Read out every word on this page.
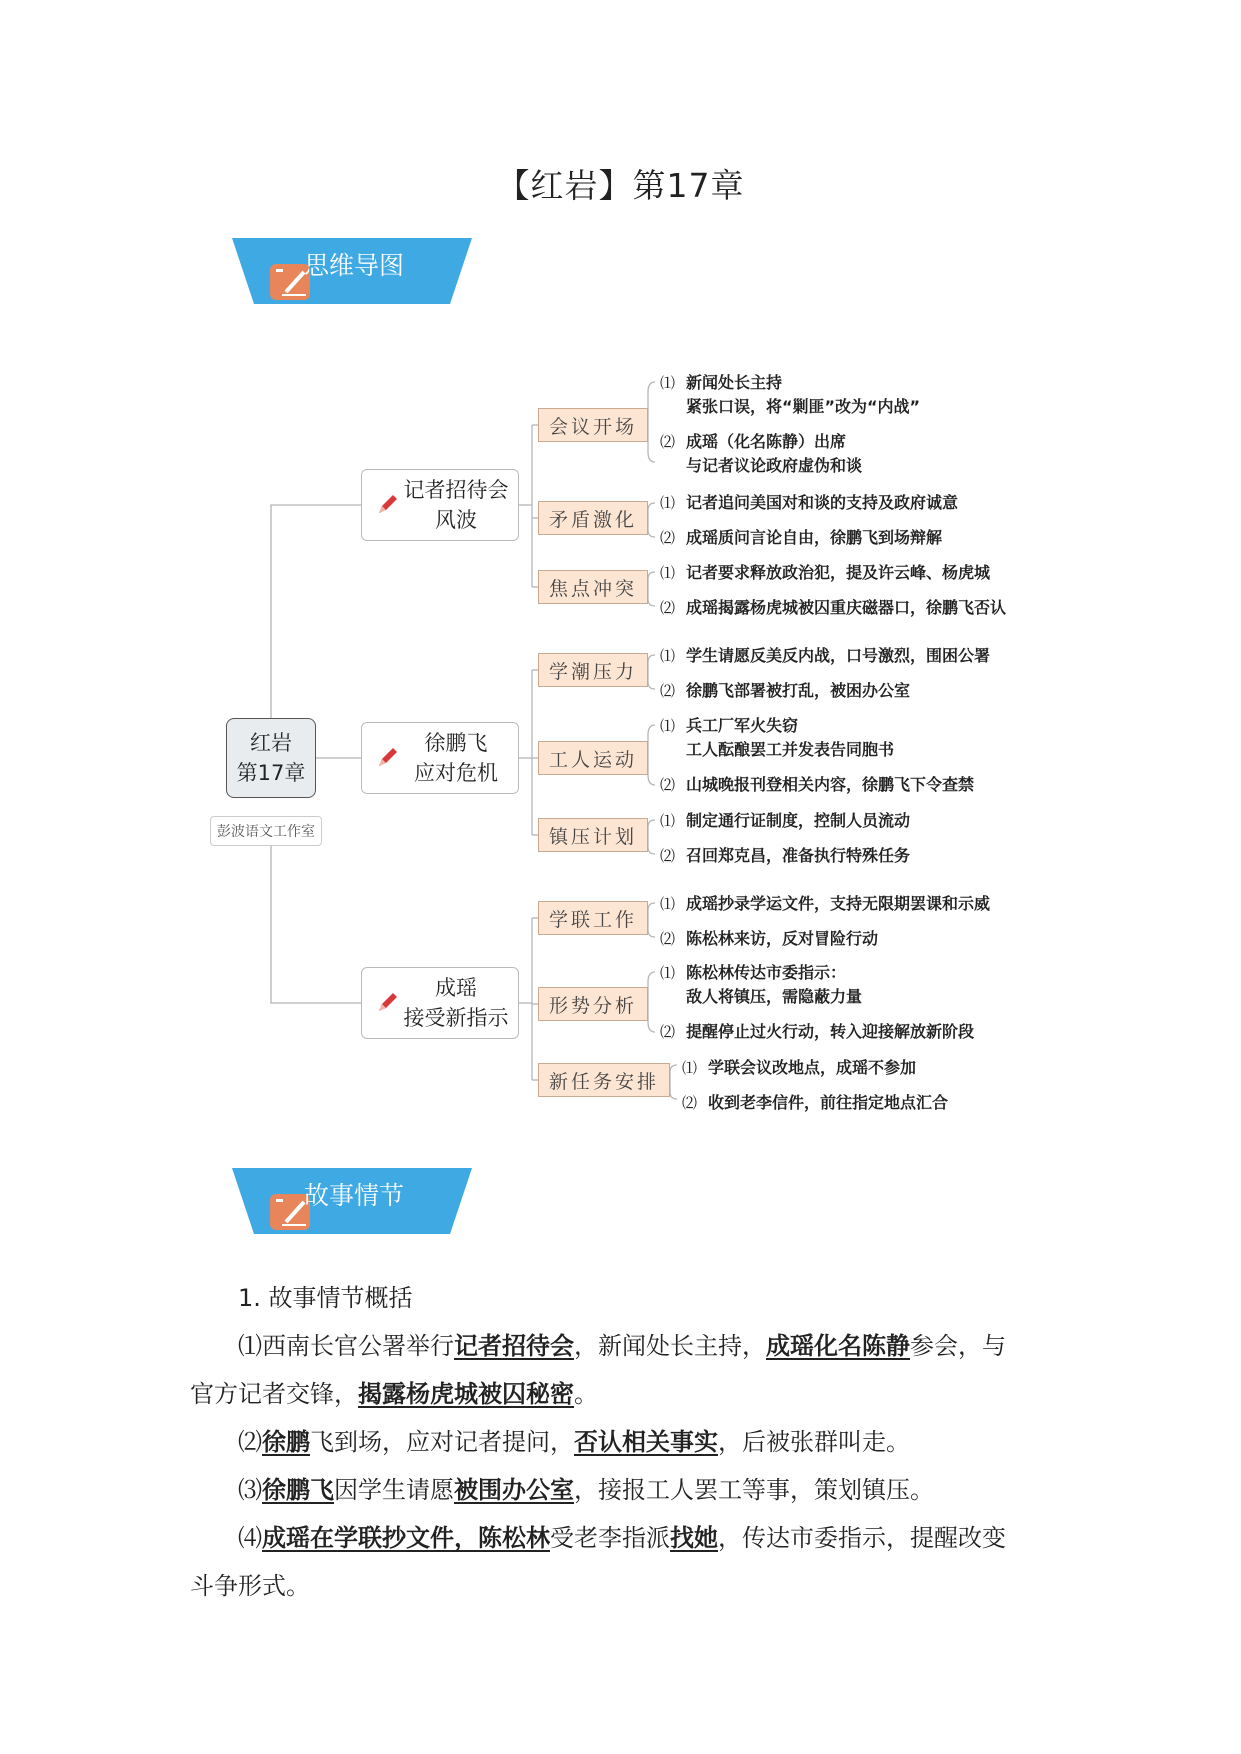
【红岩】第17章
思维导图
红岩
第17章
彭波语文工作室
记者招待会
风波
徐鹏飞
应对危机
成瑶
接受新指示
会议开场
矛盾激化
焦点冲突
学潮压力
工人运动
镇压计划
学联工作
形势分析
新任务安排
⑴ 新闻处长主持
紧张口误，将“剿匪”改为“内战”
⑵ 成瑶（化名陈静）出席
与记者议论政府虚伪和谈
⑴ 记者追问美国对和谈的支持及政府诚意
⑵ 成瑶质问言论自由，徐鹏飞到场辩解
⑴ 记者要求释放政治犯，提及许云峰、杨虎城
⑵ 成瑶揭露杨虎城被囚重庆磁器口，徐鹏飞否认
⑴ 学生请愿反美反内战，口号激烈，围困公署
⑵ 徐鹏飞部署被打乱，被困办公室
⑴ 兵工厂军火失窃
工人酝酿罢工并发表告同胞书
⑵ 山城晚报刊登相关内容，徐鹏飞下令查禁
⑴ 制定通行证制度，控制人员流动
⑵ 召回郑克昌，准备执行特殊任务
⑴ 成瑶抄录学运文件，支持无限期罢课和示威
⑵ 陈松林来访，反对冒险行动
⑴ 陈松林传达市委指示：
敌人将镇压，需隐蔽力量
⑵ 提醒停止过火行动，转入迎接解放新阶段
⑴ 学联会议改地点，成瑶不参加
⑵ 收到老李信件，前往指定地点汇合
故事情节
1. 故事情节概括
⑴西南长官公署举行记者招待会，新闻处长主持，成瑶化名陈静参会，与
官方记者交锋，揭露杨虎城被囚秘密。
⑵徐鹏飞到场，应对记者提问，否认相关事实，后被张群叫走。
⑶徐鹏飞因学生请愿被围办公室，接报工人罢工等事，策划镇压。
⑷成瑶在学联抄文件，陈松林受老李指派找她，传达市委指示，提醒改变
斗争形式。
